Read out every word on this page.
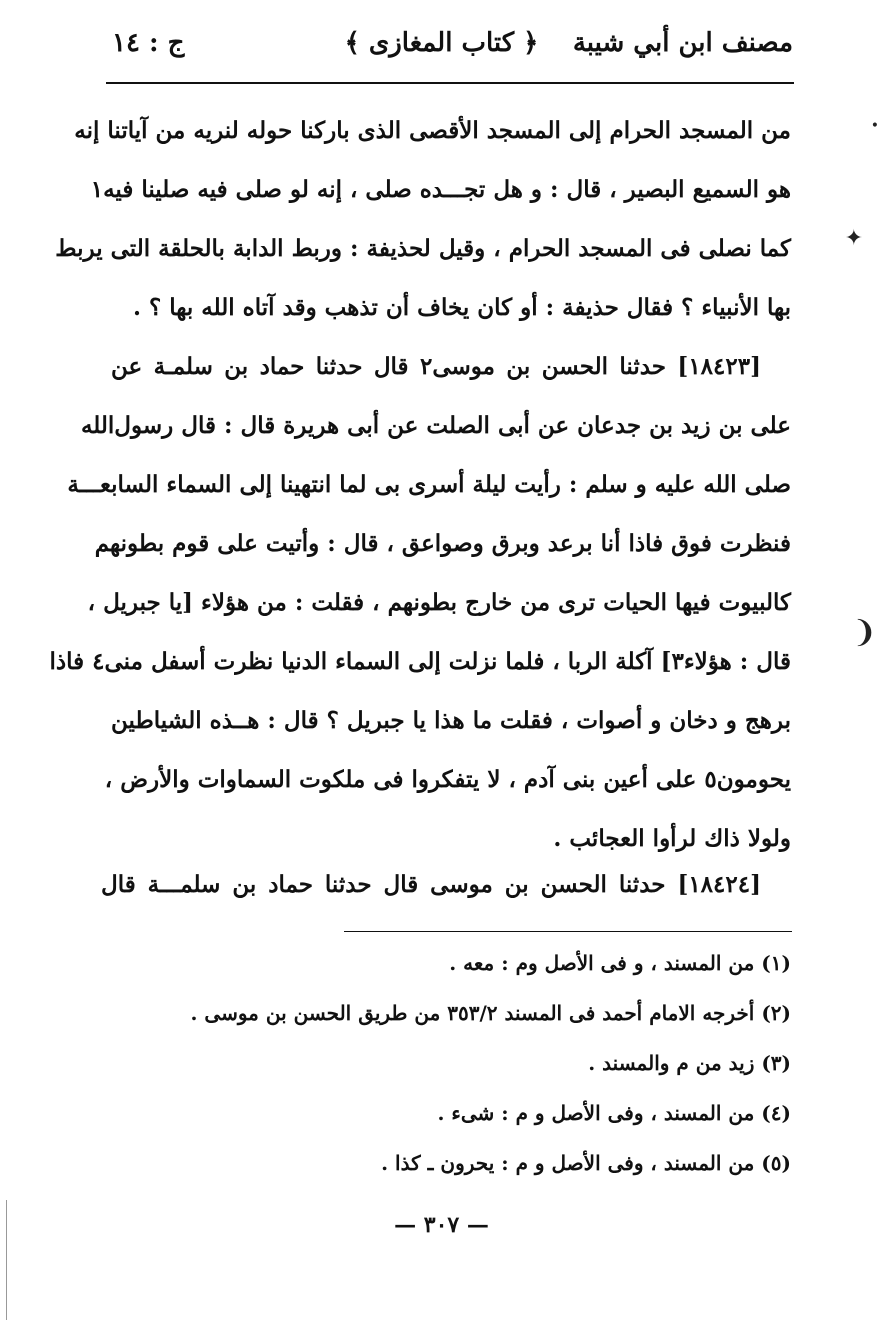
مصنف ابن أبي شيبة
﴿ كتاب المغازى ﴾
ج : ١٤
من المسجد الحرام إلى المسجد الأقصى الذى باركنا حوله لنريه من آياتنا إنه
هو السميع البصير ، قال : و هل تجـــده صلى ، إنه لو صلى فيه صلينا فيه١
كما نصلى فى المسجد الحرام ، وقيل لحذيفة : وربط الدابة بالحلقة التى يربط
بها الأنبياء ؟ فقال حذيفة : أو كان يخاف أن تذهب وقد آتاه الله بها ؟ .
[١٨٤٢٣] حدثنا الحسن بن موسى٢ قال حدثنا حماد بن سلمـة عن
على بن زيد بن جدعان عن أبى الصلت عن أبى هريرة قال : قال رسول‌الله
صلى الله عليه و سلم : رأيت ليلة أسرى بى لما انتهينا إلى السماء السابعـــة
فنظرت فوق فاذا أنا برعد وبرق وصواعق ، قال : وأتيت على قوم بطونهم
كالبيوت فيها الحيات ترى من خارج بطونهم ، فقلت : من هؤلاء [يا جبريل ،
قال : هؤلاء٣] آكلة الربا ، فلما نزلت إلى السماء الدنيا نظرت أسفل منى٤ فاذا
برهج و دخان و أصوات ، فقلت ما هذا يا جبريل ؟ قال : هــذه الشياطين
يحومون٥ على أعين بنى آدم ، لا يتفكروا فى ملكوت السماوات والأرض ،
ولولا ذاك لرأوا العجائب .
[١٨٤٢٤] حدثنا الحسن بن موسى قال حدثنا حماد بن سلمـــة قال
(١) من المسند ، و فى الأصل وم : معه .
(٢) أخرجه الامام أحمد فى المسند ٣٥٣/٢ من طريق الحسن بن موسى .
(٣) زيد من م والمسند .
(٤) من المسند ، وفى الأصل و م : شىء .
(٥) من المسند ، وفى الأصل و م : يحرون ـ كذا .
— ٣٠٧ —
•
✦
❨
